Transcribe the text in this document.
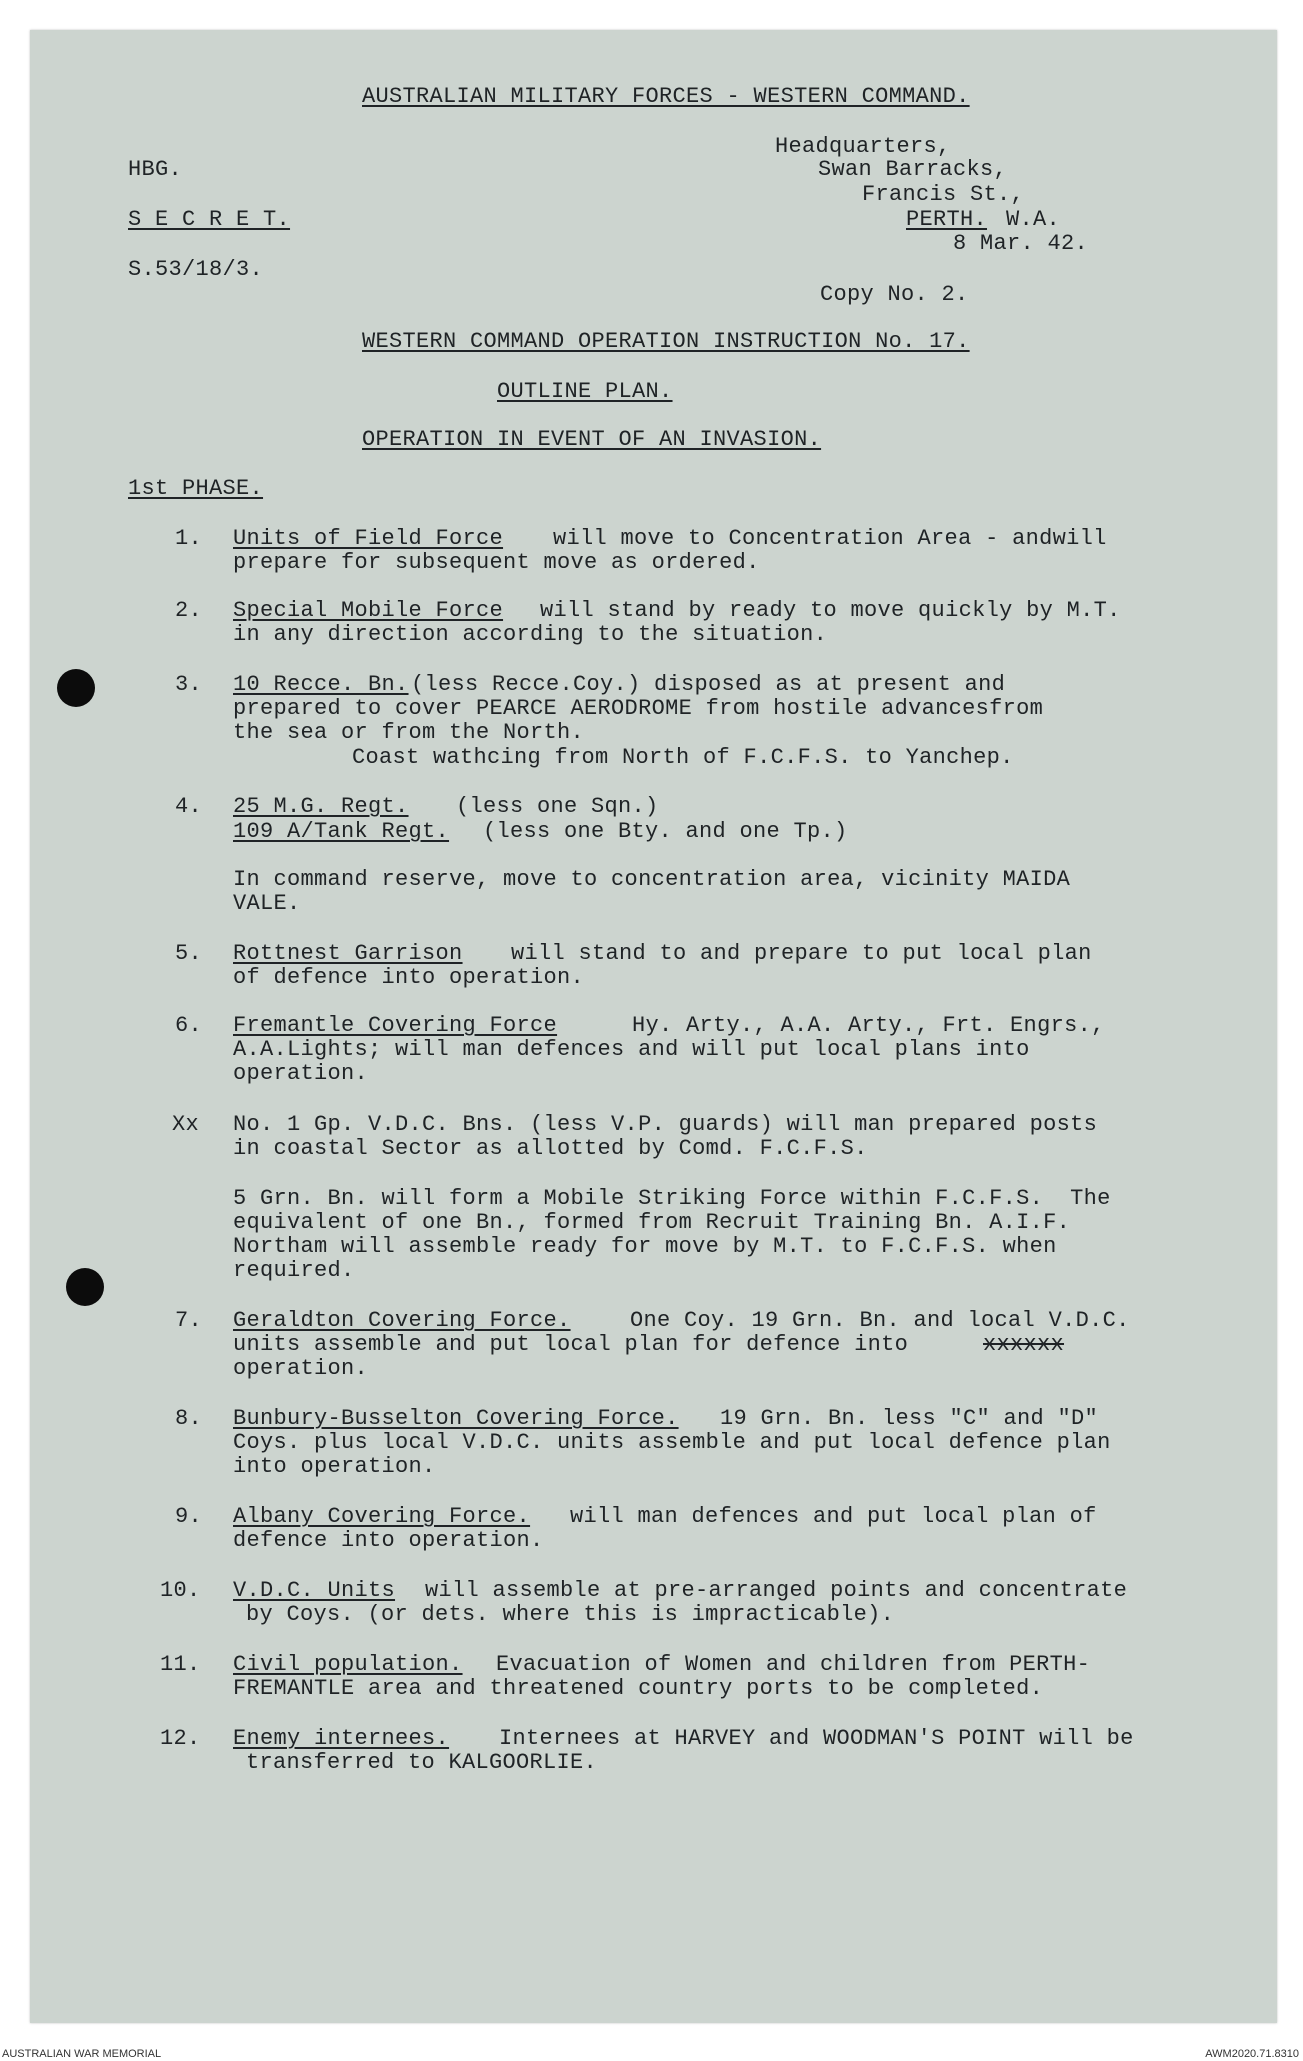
AUSTRALIAN MILITARY FORCES - WESTERN COMMAND.
HBG.
S E C R E T.
S.53/18/3.
Headquarters,
Swan Barracks,
Francis St.,
PERTH. W.A.
8 Mar. 42.
Copy No. 2.
WESTERN COMMAND OPERATION INSTRUCTION No. 17.
OUTLINE PLAN.
OPERATION IN EVENT OF AN INVASION.
1st PHASE.
1. Units of Field Force will move to Concentration Area - andwill
prepare for subsequent move as ordered.
2. Special Mobile Force will stand by ready to move quickly by M.T.
in any direction according to the situation.
3. 10 Recce. Bn. (less Recce.Coy.) disposed as at present and
prepared to cover PEARCE AERODROME from hostile advancesfrom
the sea or from the North.
Coast wathcing from North of F.C.F.S. to Yanchep.
4. 25 M.G. Regt. (less one Sqn.)
109 A/Tank Regt. (less one Bty. and one Tp.)
In command reserve, move to concentration area, vicinity MAIDA
VALE.
5. Rottnest Garrison will stand to and prepare to put local plan
of defence into operation.
6. Fremantle Covering Force	Hy. Arty., A.A. Arty., Frt. Engrs.,
A.A.Lights; will man defences and will put local plans into
operation.
Xx No. 1 Gp. V.D.C. Bns. (less V.P. guards) will man prepared posts
in coastal Sector as allotted by Comd. F.C.F.S.
5 Grn. Bn. will form a Mobile Striking Force within F.C.F.S.  The
equivalent of one Bn., formed from Recruit Training Bn. A.I.F.
Northam will assemble ready for move by M.T. to F.C.F.S. when
required.
7. Geraldton Covering Force.	One Coy. 19 Grn. Bn. and local V.D.C.
units assemble and put local plan for defence into	xxxxxx
operation.
8. Bunbury-Busselton Covering Force. 19 Grn. Bn. less "C" and "D"
Coys. plus local V.D.C. units assemble and put local defence plan
into operation.
9. Albany Covering Force. will man defences and put local plan of
defence into operation.
10. V.D.C. Units will assemble at pre-arranged points and concentrate
by Coys. (or dets. where this is impracticable).
11. Civil population. Evacuation of Women and children from PERTH-
FREMANTLE area and threatened country ports to be completed.
12. Enemy internees. Internees at HARVEY and WOODMAN'S POINT will be
transferred to KALGOORLIE.
AUSTRALIAN WAR MEMORIAL	AWM2020.71.8310
